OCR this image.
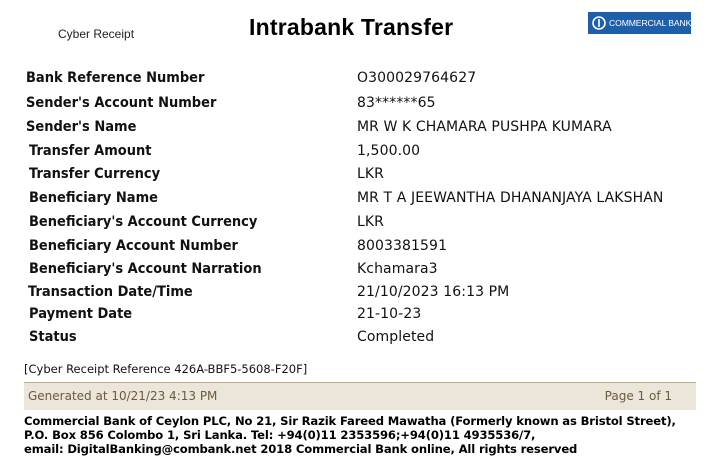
Cyber Receipt	Intrabank Transfer	COMMERCIAL BANK
Bank Reference Number	O300029764627
Sender's Account Number	83******65
Sender's Name	MR W K CHAMARA PUSHPA KUMARA
Transfer Amount	1,500.00
Transfer Currency	LKR
Beneficiary Name	MR T A JEEWANTHA DHANANJAYA LAKSHAN
Beneficiary's Account Currency	LKR
Beneficiary Account Number	8003381591
Beneficiary's Account Narration	Kchamara3
Transaction Date/Time	21/10/2023 16:13 PM
Payment Date	21-10-23
Status	Completed
[Cyber Receipt Reference 426A-BBF5-5608-F20F]
Generated at 10/21/23 4:13 PM	Page 1 of 1
Commercial Bank of Ceylon PLC, No 21, Sir Razik Fareed Mawatha (Formerly known as Bristol Street),
P.O. Box 856 Colombo 1, Sri Lanka. Tel: +94(0)11 2353596;+94(0)11 4935536/7,
email: DigitalBanking@combank.net 2018 Commercial Bank online, All rights reserved
